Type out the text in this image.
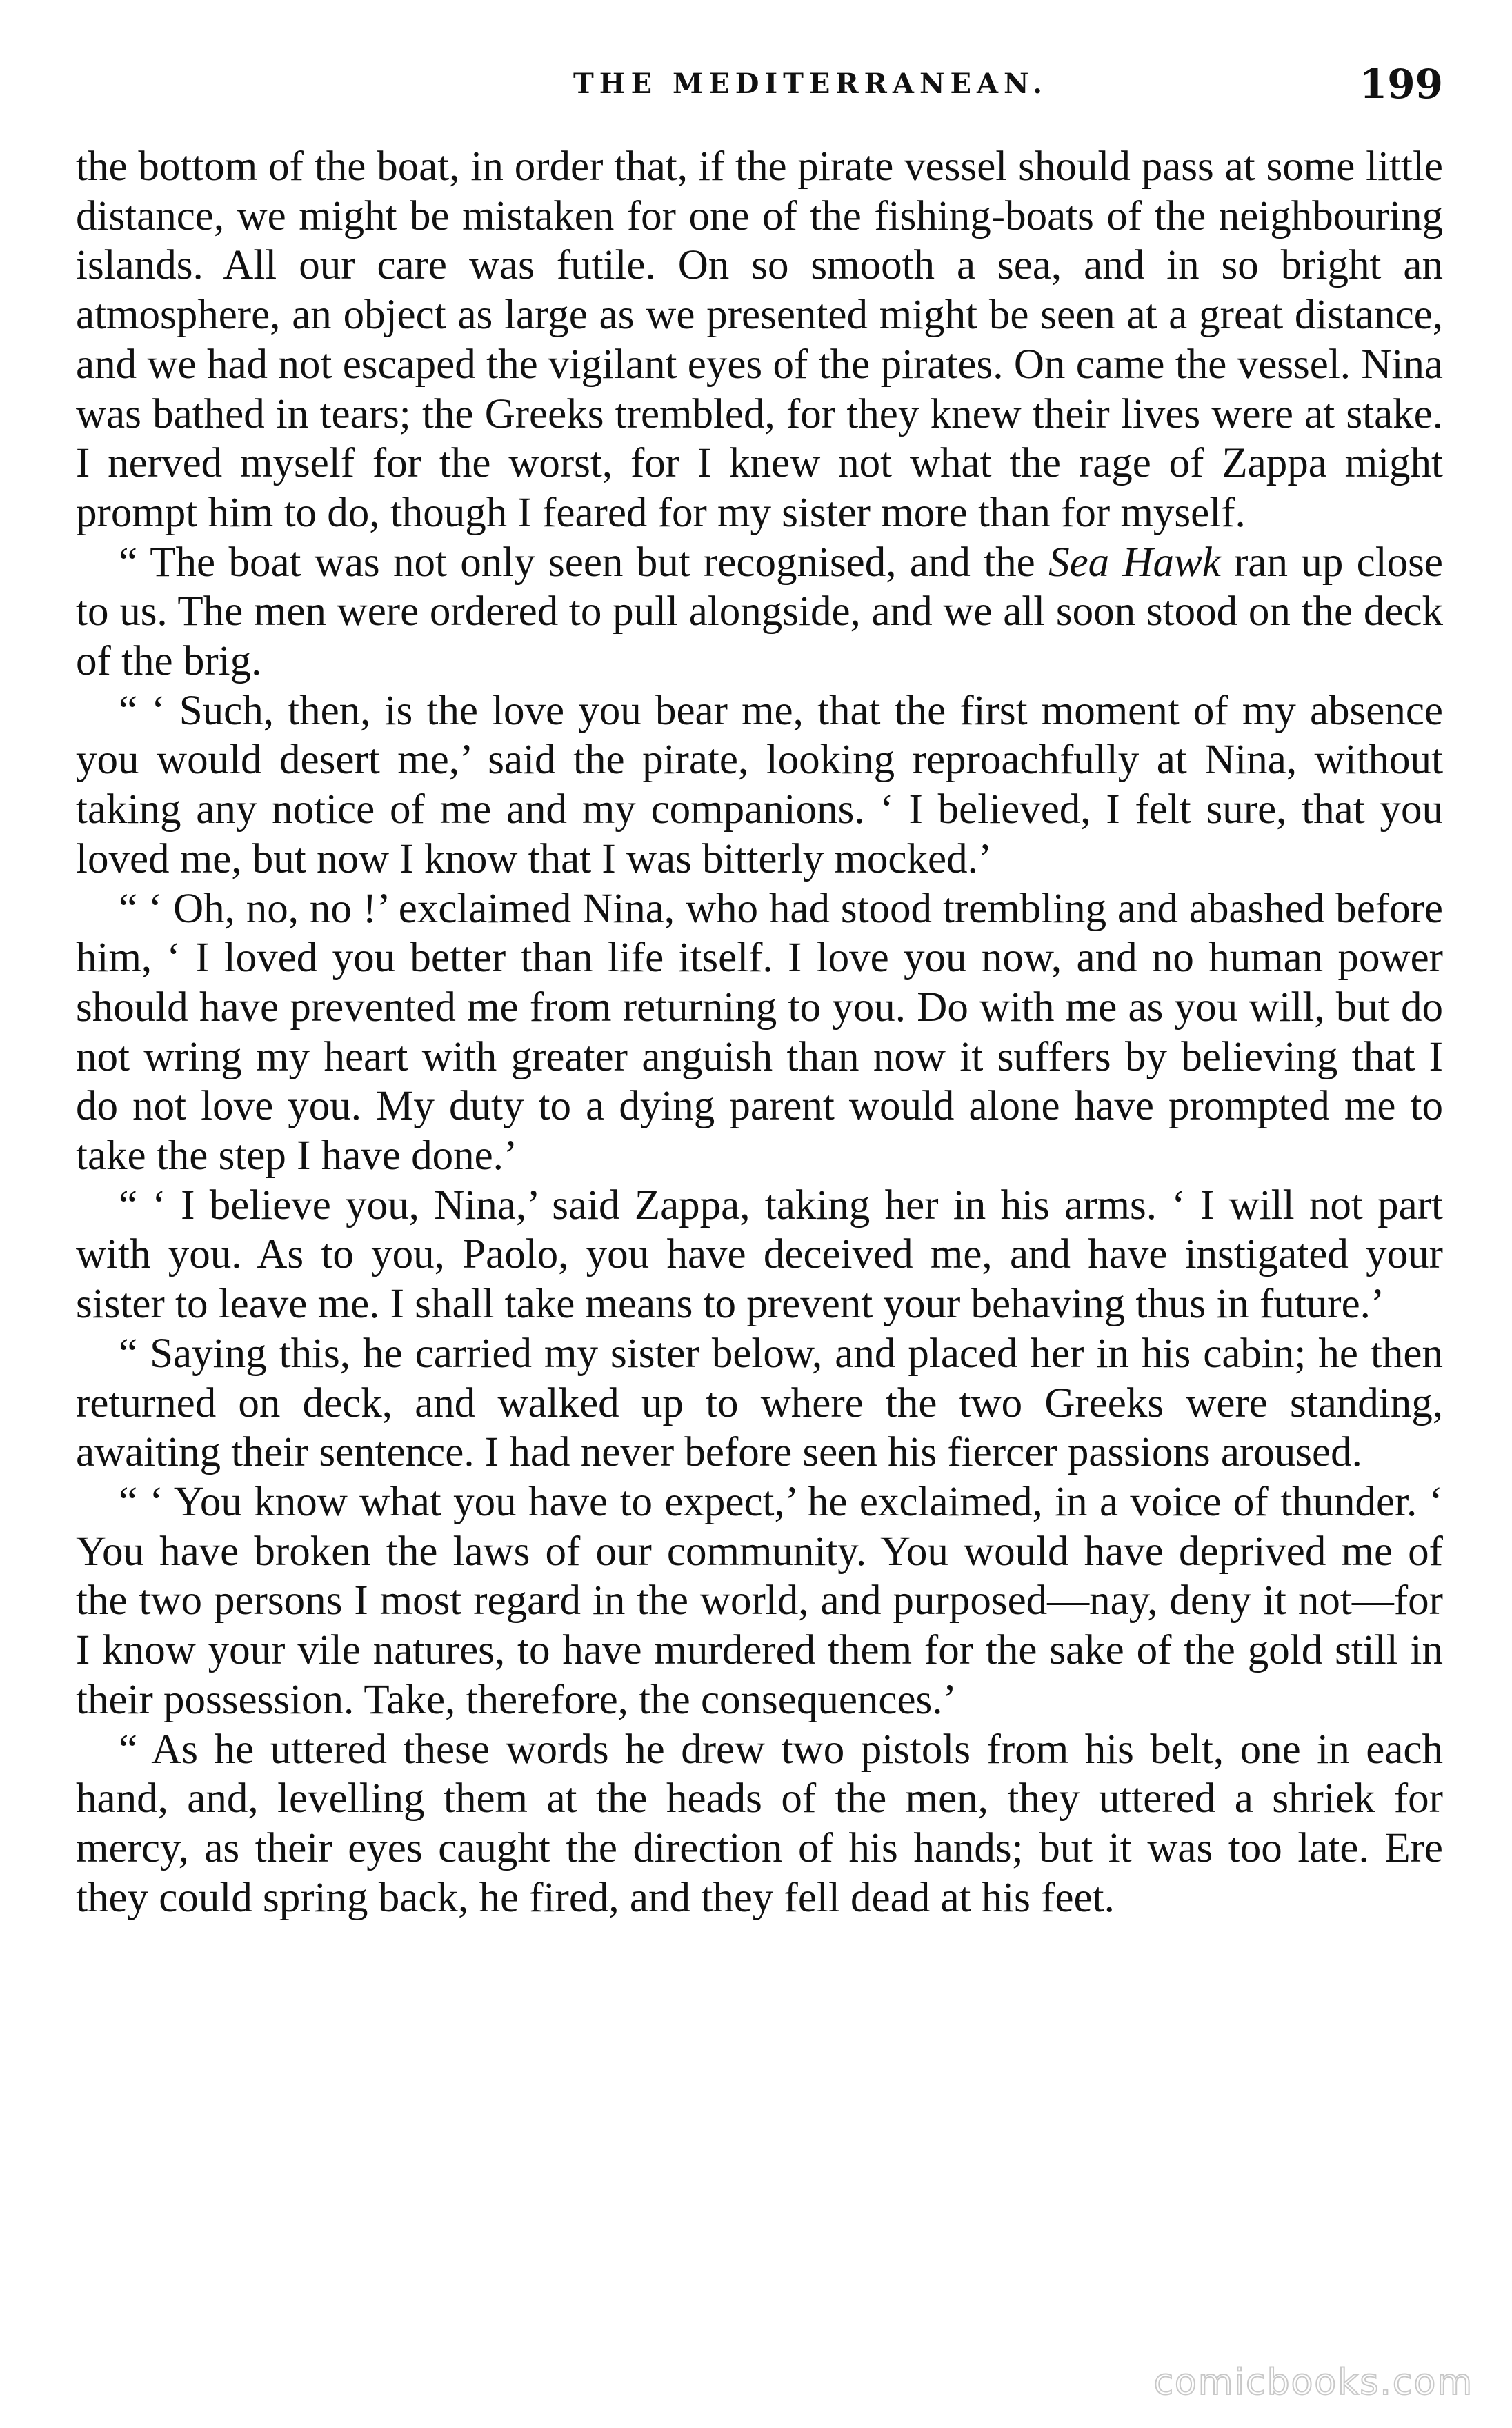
THE MEDITERRANEAN.	199

the bottom of the boat, in order that, if the pirate vessel should pass at some little distance, we might be mistaken for one of the fishing-boats of the neighbouring islands. All our care was futile. On so smooth a sea, and in so bright an atmosphere, an object as large as we presented might be seen at a great distance, and we had not escaped the vigilant eyes of the pirates. On came the vessel. Nina was bathed in tears; the Greeks trembled, for they knew their lives were at stake. I nerved myself for the worst, for I knew not what the rage of Zappa might prompt him to do, though I feared for my sister more than for myself.

“ The boat was not only seen but recognised, and the Sea Hawk ran up close to us. The men were ordered to pull alongside, and we all soon stood on the deck of the brig.

“ ‘ Such, then, is the love you bear me, that the first moment of my absence you would desert me,’ said the pirate, looking reproachfully at Nina, without taking any notice of me and my companions. ‘ I believed, I felt sure, that you loved me, but now I know that I was bitterly mocked.’

“ ‘ Oh, no, no !’ exclaimed Nina, who had stood trembling and abashed before him, ‘ I loved you better than life itself. I love you now, and no human power should have prevented me from returning to you. Do with me as you will, but do not wring my heart with greater anguish than now it suffers by believing that I do not love you. My duty to a dying parent would alone have prompted me to take the step I have done.’

“ ‘ I believe you, Nina,’ said Zappa, taking her in his arms. ‘ I will not part with you. As to you, Paolo, you have deceived me, and have instigated your sister to leave me. I shall take means to prevent your behaving thus in future.’

“ Saying this, he carried my sister below, and placed her in his cabin; he then returned on deck, and walked up to where the two Greeks were standing, awaiting their sentence. I had never before seen his fiercer passions aroused.

“ ‘ You know what you have to expect,’ he exclaimed, in a voice of thunder. ‘ You have broken the laws of our community. You would have deprived me of the two persons I most regard in the world, and purposed—nay, deny it not—for I know your vile natures, to have murdered them for the sake of the gold still in their possession. Take, therefore, the consequences.’

“ As he uttered these words he drew two pistols from his belt, one in each hand, and, levelling them at the heads of the men, they uttered a shriek for mercy, as their eyes caught the direction of his hands; but it was too late. Ere they could spring back, he fired, and they fell dead at his feet.

comicbooks.com
